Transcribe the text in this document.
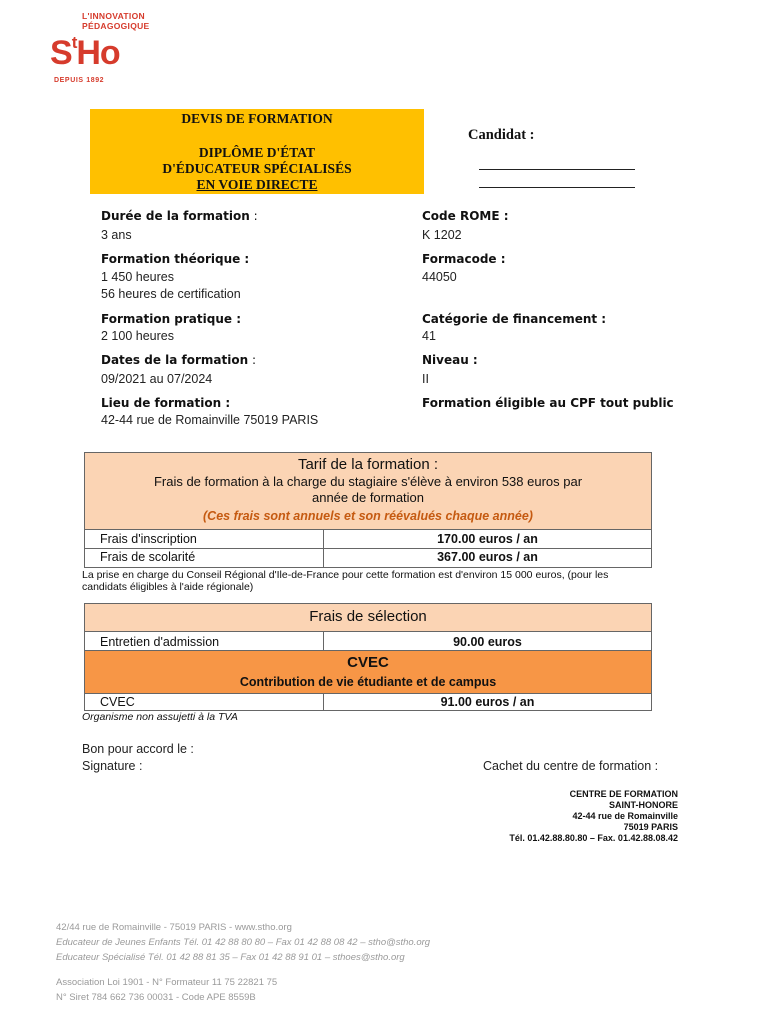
L'INNOVATION
PÉDAGOGIQUE
$S^tHo$
DEPUIS 1892
DEVIS DE FORMATION
DIPLÔME D'ÉTAT
D'ÉDUCATEUR SPÉCIALISÉS
EN VOIE DIRECTE
Candidat :
Durée de la formation :
3 ans
Formation théorique :
1 450 heures
56 heures de certification
Formation pratique :
2 100 heures
Dates de la formation :
09/2021 au 07/2024
Lieu de formation :
42-44 rue de Romainville 75019 PARIS
Code ROME :
K 1202
Formacode :
44050
Catégorie de financement :
41
Niveau :
II
Formation éligible au CPF tout public
Tarif de la formation :
Frais de formation à la charge du stagiaire s'élève à environ 538 euros par
année de formation
(Ces frais sont annuels et son réévalués chaque année)
Frais d'inscription	170.00 euros / an
Frais de scolarité	367.00 euros / an
La prise en charge du Conseil Régional d'Ile-de-France pour cette formation est d'environ 15 000 euros, (pour les
candidats éligibles à l'aide régionale)
Frais de sélection
Entretien d'admission	90.00 euros
CVEC
Contribution de vie étudiante et de campus
CVEC	91.00 euros / an
Organisme non assujetti à la TVA
Bon pour accord le :
Signature :	Cachet du centre de formation :
CENTRE DE FORMATION
SAINT-HONORE
42-44 rue de Romainville
75019 PARIS
Tél. 01.42.88.80.80 – Fax. 01.42.88.08.42
42/44 rue de Romainville - 75019 PARIS - www.stho.org
Educateur de Jeunes Enfants Tél. 01 42 88 80 80 – Fax 01 42 88 08 42 – stho@stho.org
Educateur Spécialisé Tél. 01 42 88 81 35 – Fax 01 42 88 91 01 – sthoes@stho.org
Association Loi 1901 - N° Formateur 11 75 22821 75
N° Siret 784 662 736 00031 - Code APE 8559B
